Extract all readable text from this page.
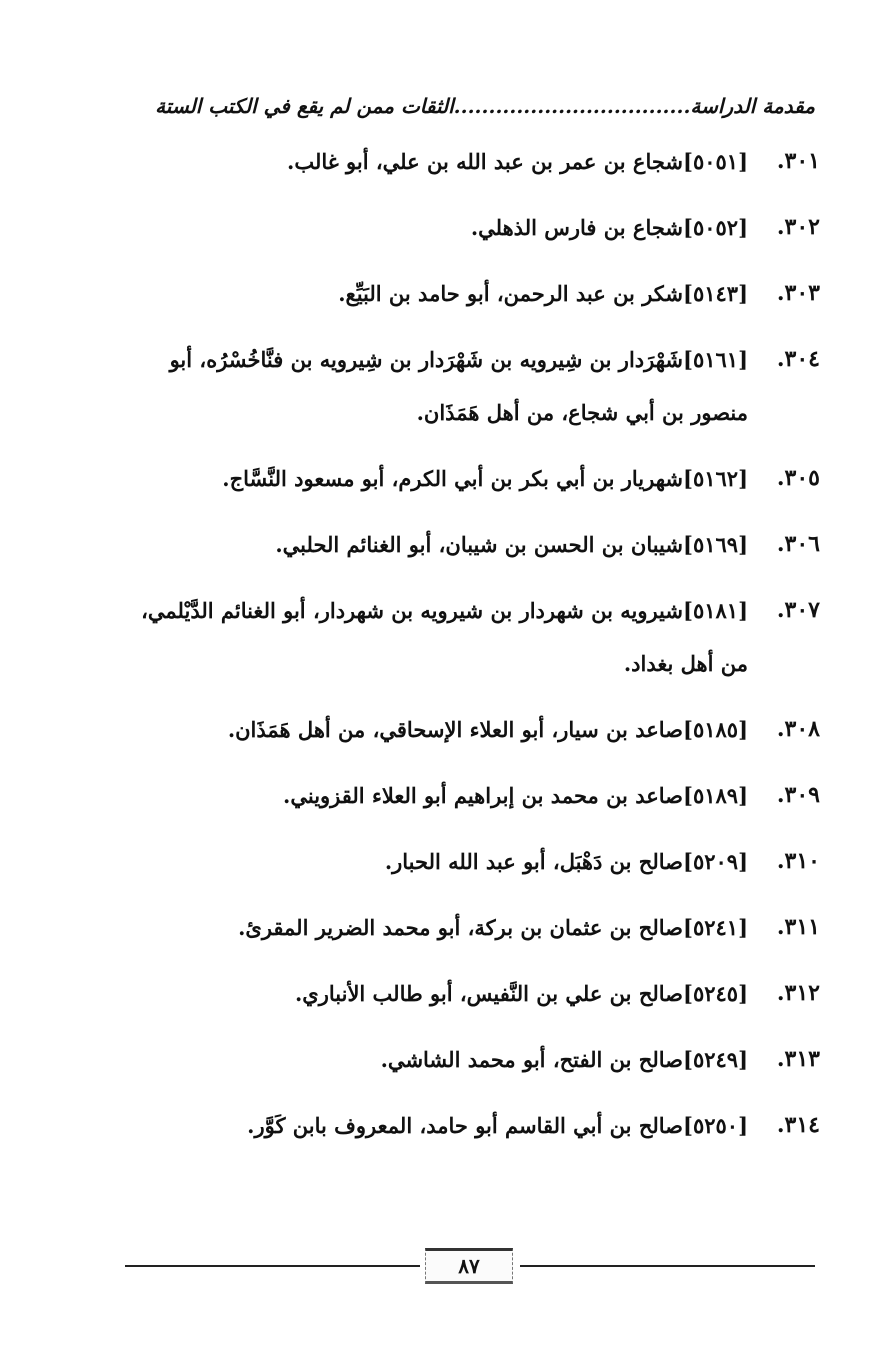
مقدمة الدراسة..................................الثقات ممن لم يقع في الكتب الستة
٣٠١.
[٥٠٥١]شجاع بن عمر بن عبد الله بن علي، أبو غالب.
٣٠٢.
[٥٠٥٢]شجاع بن فارس الذهلي.
٣٠٣.
[٥١٤٣]شكر بن عبد الرحمن، أبو حامد بن البَيِّع.
٣٠٤.
[٥١٦١]شَهْرَدار بن شِيرويه بن شَهْرَدار بن شِيرويه بن فنَّاخُسْرُه، أبو منصور بن أبي شجاع، من أهل هَمَذَان.
٣٠٥.
[٥١٦٢]شهريار بن أبي بكر بن أبي الكرم، أبو مسعود النَّسَّاج.
٣٠٦.
[٥١٦٩]شيبان بن الحسن بن شيبان، أبو الغنائم الحلبي.
٣٠٧.
[٥١٨١]شيرويه بن شهردار بن شيرويه بن شهردار، أبو الغنائم الدَّيْلمي، من أهل بغداد.
٣٠٨.
[٥١٨٥]صاعد بن سيار، أبو العلاء الإسحاقي، من أهل هَمَذَان.
٣٠٩.
[٥١٨٩]صاعد بن محمد بن إبراهيم أبو العلاء القزويني.
٣١٠.
[٥٢٠٩]صالح بن دَهْبَل، أبو عبد الله الحبار.
٣١١.
[٥٢٤١]صالح بن عثمان بن بركة، أبو محمد الضرير المقرئ.
٣١٢.
[٥٢٤٥]صالح بن علي بن النَّفيس، أبو طالب الأنباري.
٣١٣.
[٥٢٤٩]صالح بن الفتح، أبو محمد الشاشي.
٣١٤.
[٥٢٥٠]صالح بن أبي القاسم أبو حامد، المعروف بابن كَوَّر.
٨٧
